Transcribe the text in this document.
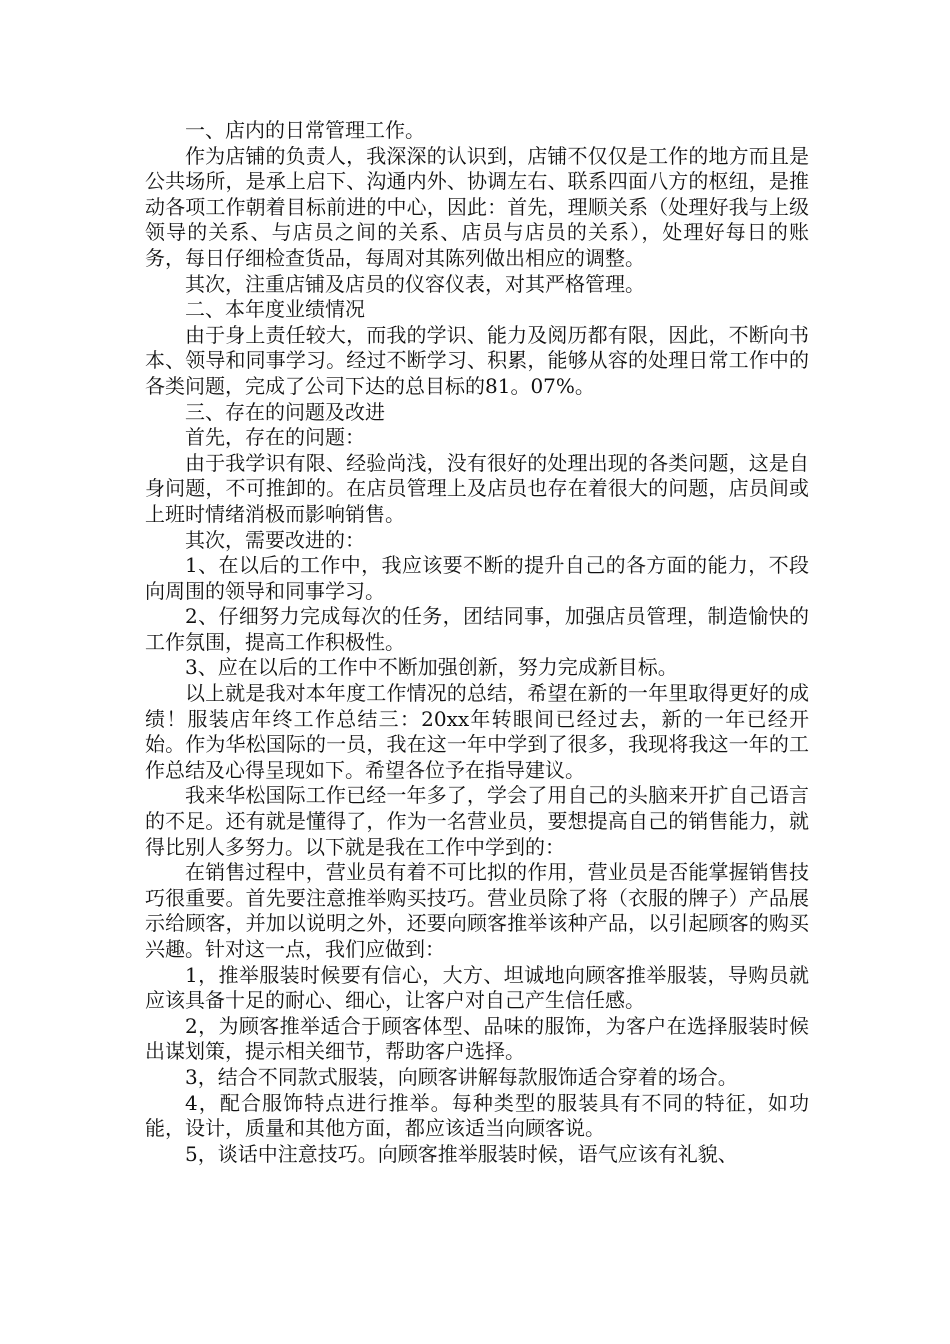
一、店内的日常管理工作。

作为店铺的负责人，我深深的认识到，店铺不仅仅是工作的地方而且是公共场所，是承上启下、沟通内外、协调左右、联系四面八方的枢纽，是推动各项工作朝着目标前进的中心，因此：首先，理顺关系（处理好我与上级领导的关系、与店员之间的关系、店员与店员的关系），处理好每日的账务，每日仔细检查货品，每周对其陈列做出相应的调整。

其次，注重店铺及店员的仪容仪表，对其严格管理。

二、本年度业绩情况

由于身上责任较大，而我的学识、能力及阅历都有限，因此，不断向书本、领导和同事学习。经过不断学习、积累，能够从容的处理日常工作中的各类问题，完成了公司下达的总目标的81。07%。

三、存在的问题及改进

首先，存在的问题：

由于我学识有限、经验尚浅，没有很好的处理出现的各类问题，这是自身问题，不可推卸的。在店员管理上及店员也存在着很大的问题，店员间或上班时情绪消极而影响销售。

其次，需要改进的：

1、在以后的工作中，我应该要不断的提升自己的各方面的能力，不段向周围的领导和同事学习。

2、仔细努力完成每次的任务，团结同事，加强店员管理，制造愉快的工作氛围，提高工作积极性。

3、应在以后的工作中不断加强创新，努力完成新目标。

以上就是我对本年度工作情况的总结，希望在新的一年里取得更好的成绩！服装店年终工作总结三：20xx年转眼间已经过去，新的一年已经开始。作为华松国际的一员，我在这一年中学到了很多，我现将我这一年的工作总结及心得呈现如下。希望各位予在指导建议。

我来华松国际工作已经一年多了，学会了用自己的头脑来开扩自己语言的不足。还有就是懂得了，作为一名营业员，要想提高自己的销售能力，就得比别人多努力。以下就是我在工作中学到的：

在销售过程中，营业员有着不可比拟的作用，营业员是否能掌握销售技巧很重要。首先要注意推举购买技巧。营业员除了将（衣服的牌子）产品展示给顾客，并加以说明之外，还要向顾客推举该种产品，以引起顾客的购买兴趣。针对这一点，我们应做到：

1，推举服装时候要有信心，大方、坦诚地向顾客推举服装，导购员就应该具备十足的耐心、细心，让客户对自己产生信任感。

2，为顾客推举适合于顾客体型、品味的服饰，为客户在选择服装时候出谋划策，提示相关细节，帮助客户选择。

3，结合不同款式服装，向顾客讲解每款服饰适合穿着的场合。

4，配合服饰特点进行推举。每种类型的服装具有不同的特征，如功能，设计，质量和其他方面，都应该适当向顾客说。

5，谈话中注意技巧。向顾客推举服装时候，语气应该有礼貌、
